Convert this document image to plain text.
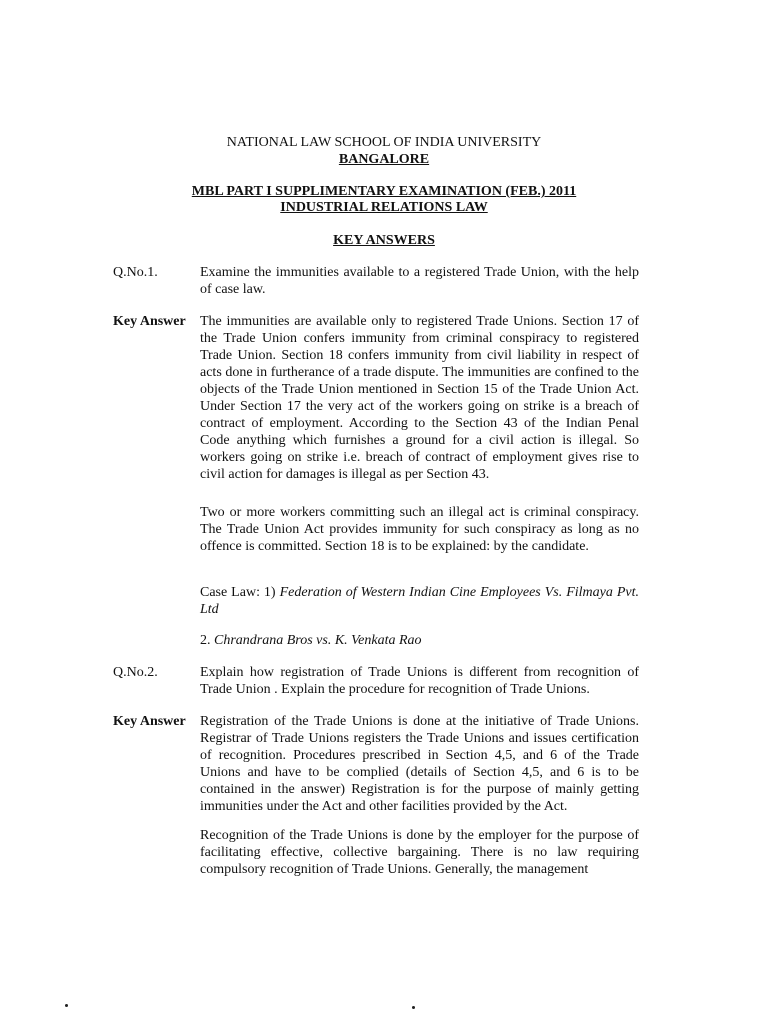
NATIONAL LAW SCHOOL OF INDIA UNIVERSITY
BANGALORE
MBL PART I SUPPLIMENTARY EXAMINATION (FEB.) 2011
INDUSTRIAL RELATIONS LAW
KEY ANSWERS
Q.No.1.	Examine the immunities available to a registered Trade Union, with the help of case law.

Key Answer	The immunities are available only to registered Trade Unions. Section 17 of the Trade Union confers immunity from criminal conspiracy to registered Trade Union. Section 18 confers immunity from civil liability in respect of acts done in furtherance of a trade dispute. The immunities are confined to the objects of the Trade Union mentioned in Section 15 of the Trade Union Act. Under Section 17 the very act of the workers going on strike is a breach of contract of employment. According to the Section 43 of the Indian Penal Code anything which furnishes a ground for a civil action is illegal. So workers going on strike i.e. breach of contract of employment gives rise to civil action for damages is illegal as per Section 43.

Two or more workers committing such an illegal act is criminal conspiracy. The Trade Union Act provides immunity for such conspiracy as long as no offence is committed. Section 18 is to be explained: by the candidate.

Case Law: 1) Federation of Western Indian Cine Employees Vs. Filmaya Pvt. Ltd

2. Chrandrana Bros vs. K. Venkata Rao

Q.No.2.	Explain how registration of Trade Unions is different from recognition of Trade Union . Explain the procedure for recognition of Trade Unions.

Key Answer	Registration of the Trade Unions is done at the initiative of Trade Unions. Registrar of Trade Unions registers the Trade Unions and issues certification of recognition. Procedures prescribed in Section 4,5, and 6 of the Trade Unions and have to be complied (details of Section 4,5, and 6 is to be contained in the answer) Registration is for the purpose of mainly getting immunities under the Act and other facilities provided by the Act.

Recognition of the Trade Unions is done by the employer for the purpose of facilitating effective, collective bargaining. There is no law requiring compulsory recognition of Trade Unions. Generally, the management
